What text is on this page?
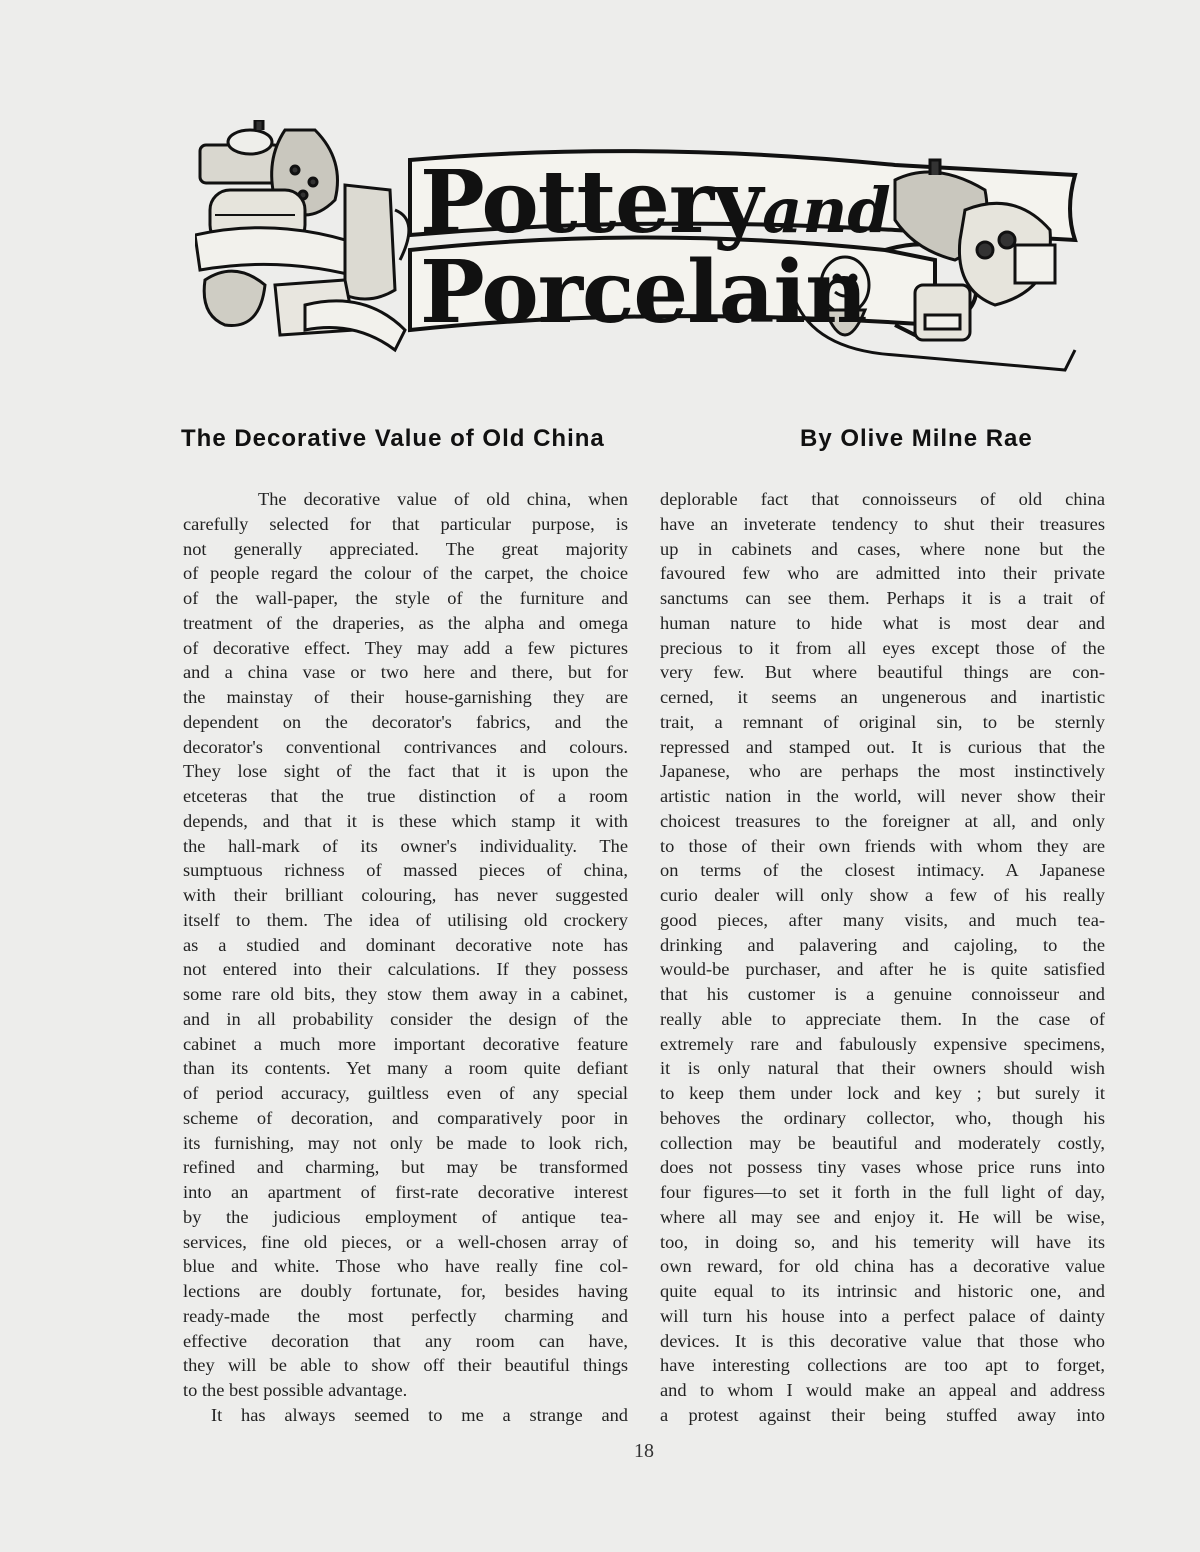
Potteryand
Porcelain
The Decorative Value of Old China	By Olive Milne Rae
The decorative value of old china, when
carefully selected for that particular purpose, is
not generally appreciated. The great majority
of people regard the colour of the carpet, the choice
of the wall-paper, the style of the furniture and
treatment of the draperies, as the alpha and omega
of decorative effect. They may add a few pictures
and a china vase or two here and there, but for
the mainstay of their house-garnishing they are
dependent on the decorator's fabrics, and the
decorator's conventional contrivances and colours.
They lose sight of the fact that it is upon the
etceteras that the true distinction of a room
depends, and that it is these which stamp it with
the hall-mark of its owner's individuality. The
sumptuous richness of massed pieces of china,
with their brilliant colouring, has never suggested
itself to them. The idea of utilising old crockery
as a studied and dominant decorative note has
not entered into their calculations. If they possess
some rare old bits, they stow them away in a cabinet,
and in all probability consider the design of the
cabinet a much more important decorative feature
than its contents. Yet many a room quite defiant
of period accuracy, guiltless even of any special
scheme of decoration, and comparatively poor in
its furnishing, may not only be made to look rich,
refined and charming, but may be transformed
into an apartment of first-rate decorative interest
by the judicious employment of antique tea-
services, fine old pieces, or a well-chosen array of
blue and white. Those who have really fine col-
lections are doubly fortunate, for, besides having
ready-made the most perfectly charming and
effective decoration that any room can have,
they will be able to show off their beautiful things
to the best possible advantage.
It has always seemed to me a strange and
deplorable fact that connoisseurs of old china
have an inveterate tendency to shut their treasures
up in cabinets and cases, where none but the
favoured few who are admitted into their private
sanctums can see them. Perhaps it is a trait of
human nature to hide what is most dear and
precious to it from all eyes except those of the
very few. But where beautiful things are con-
cerned, it seems an ungenerous and inartistic
trait, a remnant of original sin, to be sternly
repressed and stamped out. It is curious that the
Japanese, who are perhaps the most instinctively
artistic nation in the world, will never show their
choicest treasures to the foreigner at all, and only
to those of their own friends with whom they are
on terms of the closest intimacy. A Japanese
curio dealer will only show a few of his really
good pieces, after many visits, and much tea-
drinking and palavering and cajoling, to the
would-be purchaser, and after he is quite satisfied
that his customer is a genuine connoisseur and
really able to appreciate them. In the case of
extremely rare and fabulously expensive specimens,
it is only natural that their owners should wish
to keep them under lock and key ; but surely it
behoves the ordinary collector, who, though his
collection may be beautiful and moderately costly,
does not possess tiny vases whose price runs into
four figures—to set it forth in the full light of day,
where all may see and enjoy it. He will be wise,
too, in doing so, and his temerity will have its
own reward, for old china has a decorative value
quite equal to its intrinsic and historic one, and
will turn his house into a perfect palace of dainty
devices. It is this decorative value that those who
have interesting collections are too apt to forget,
and to whom I would make an appeal and address
a protest against their being stuffed away into
18
